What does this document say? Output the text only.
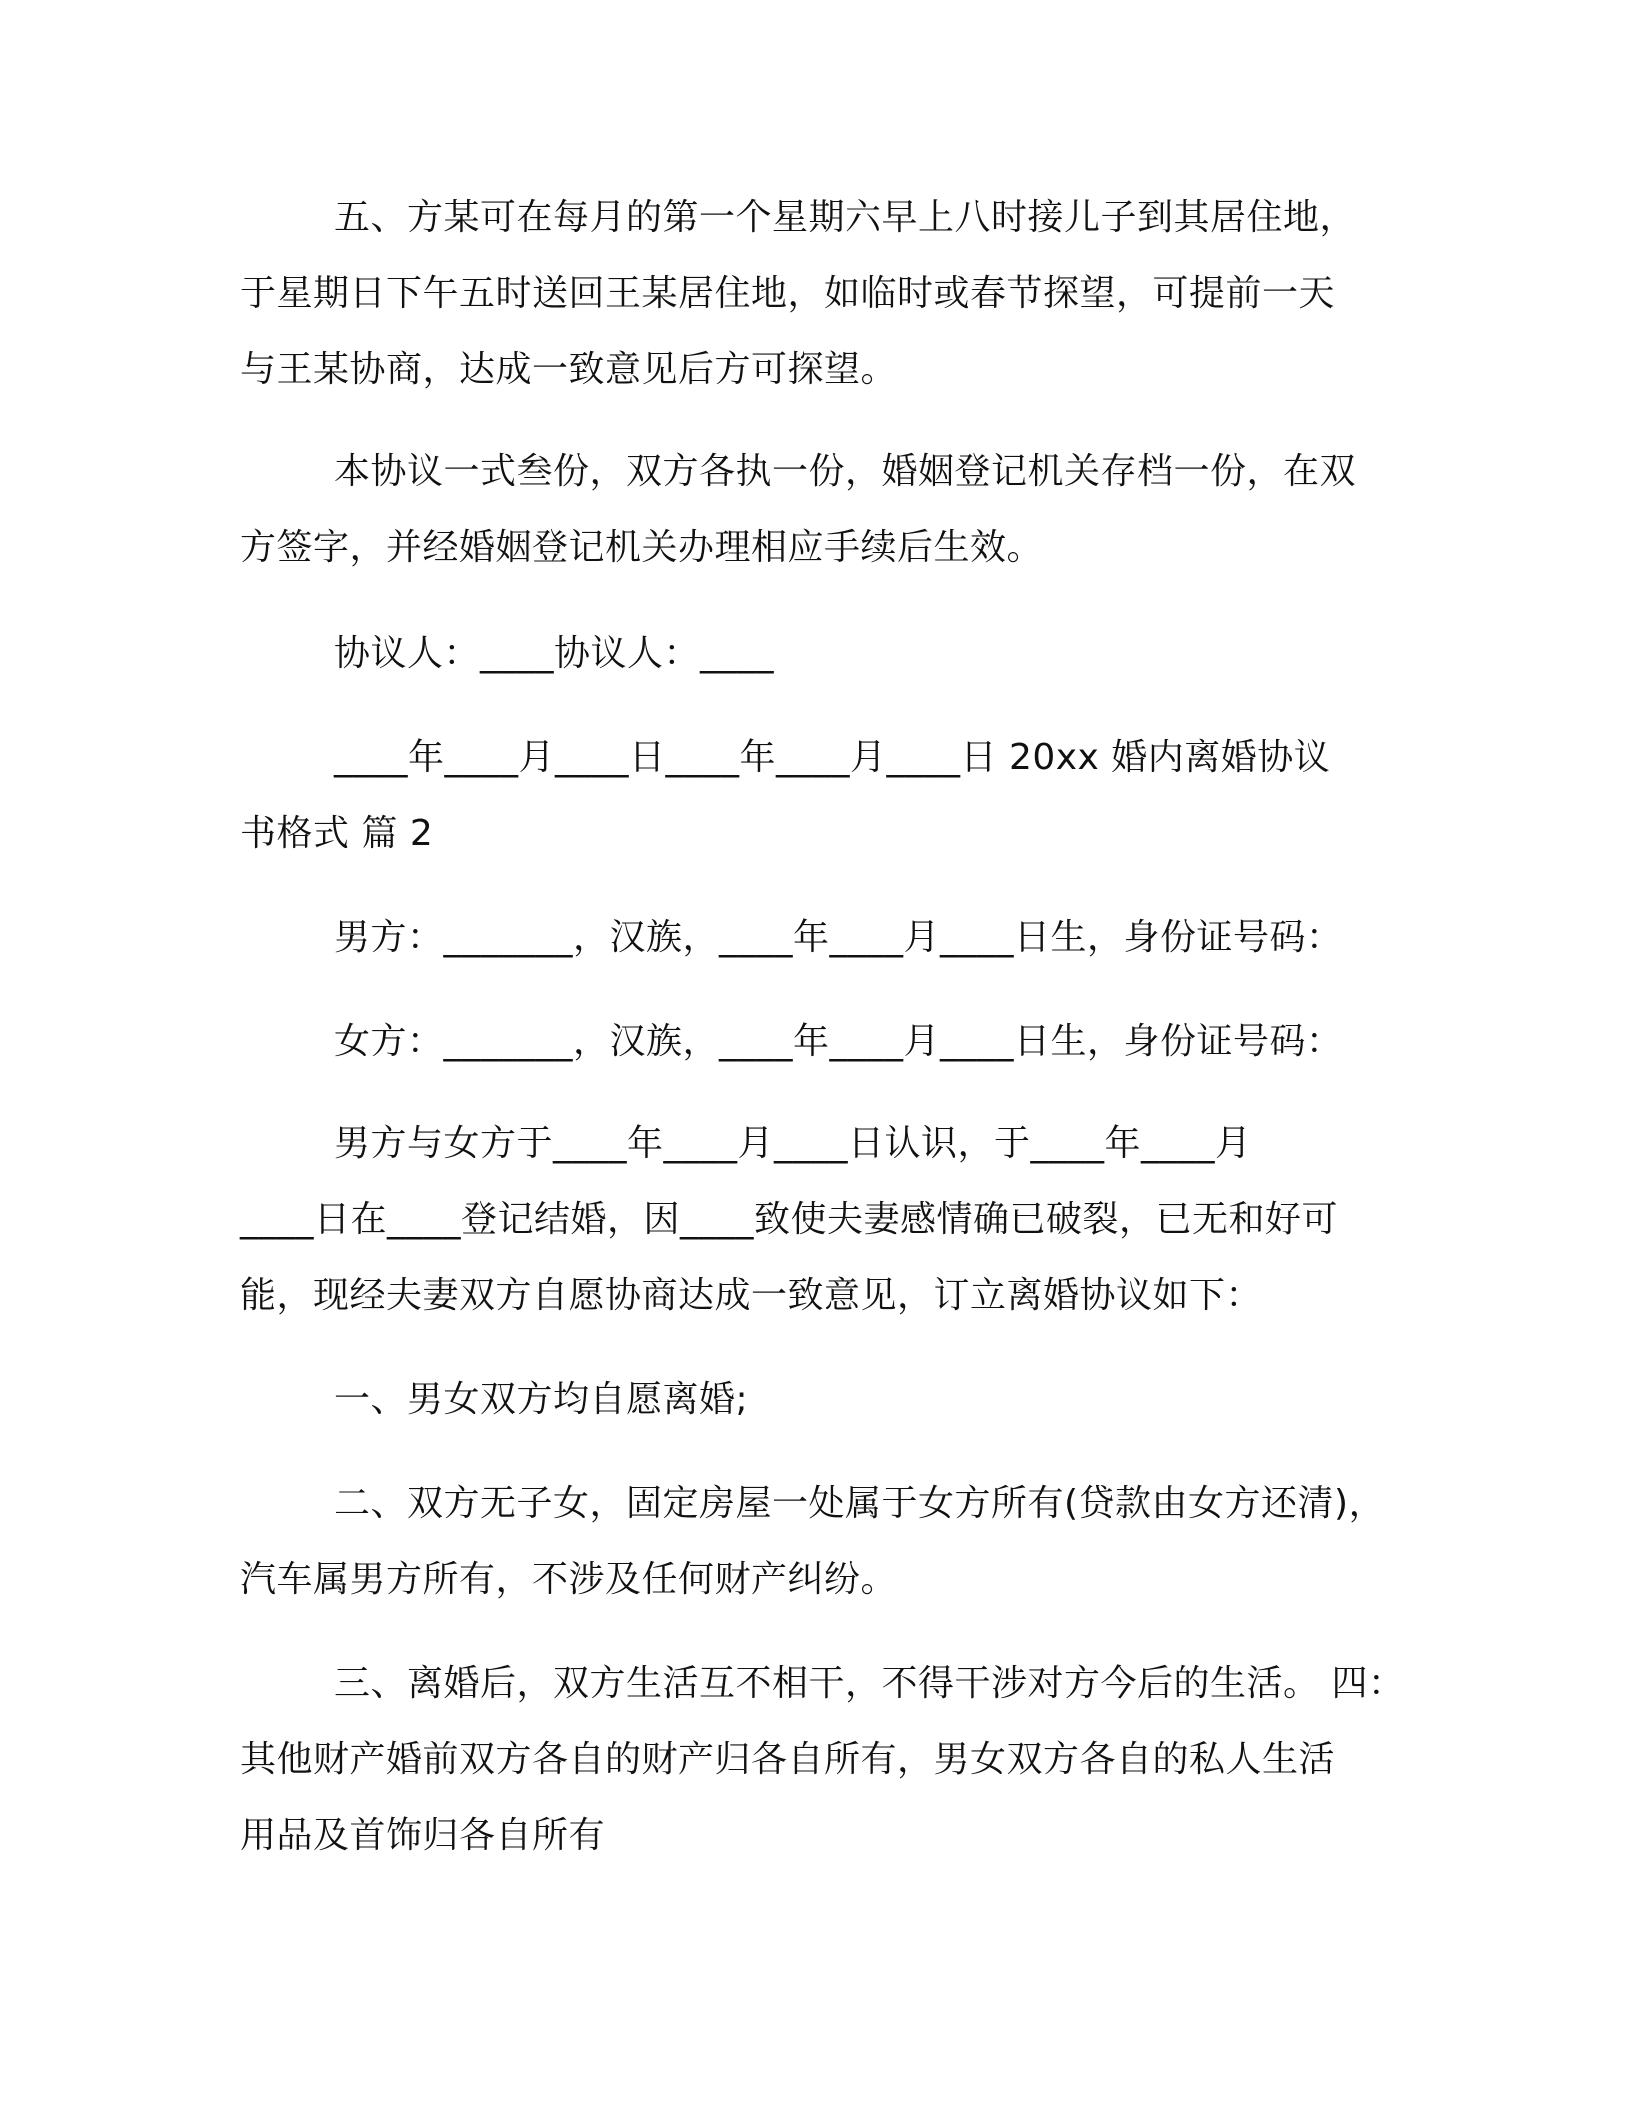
五、方某可在每月的第一个星期六早上八时接儿子到其居住地，
于星期日下午五时送回王某居住地，如临时或春节探望，可提前一天
与王某协商，达成一致意见后方可探望。
本协议一式叁份，双方各执一份，婚姻登记机关存档一份，在双
方签字，并经婚姻登记机关办理相应手续后生效。
协议人：____协议人：____
____年____月____日____年____月____日 20xx 婚内离婚协议
书格式 篇 2
男方：_______，汉族，____年____月____日生，身份证号码：
女方：_______，汉族，____年____月____日生，身份证号码：
男方与女方于____年____月____日认识，于____年____月
____日在____登记结婚，因____致使夫妻感情确已破裂，已无和好可
能，现经夫妻双方自愿协商达成一致意见，订立离婚协议如下：
一、男女双方均自愿离婚;
二、双方无子女，固定房屋一处属于女方所有(贷款由女方还清)，
汽车属男方所有，不涉及任何财产纠纷。
三、离婚后，双方生活互不相干，不得干涉对方今后的生活。 四：
其他财产婚前双方各自的财产归各自所有，男女双方各自的私人生活
用品及首饰归各自所有
